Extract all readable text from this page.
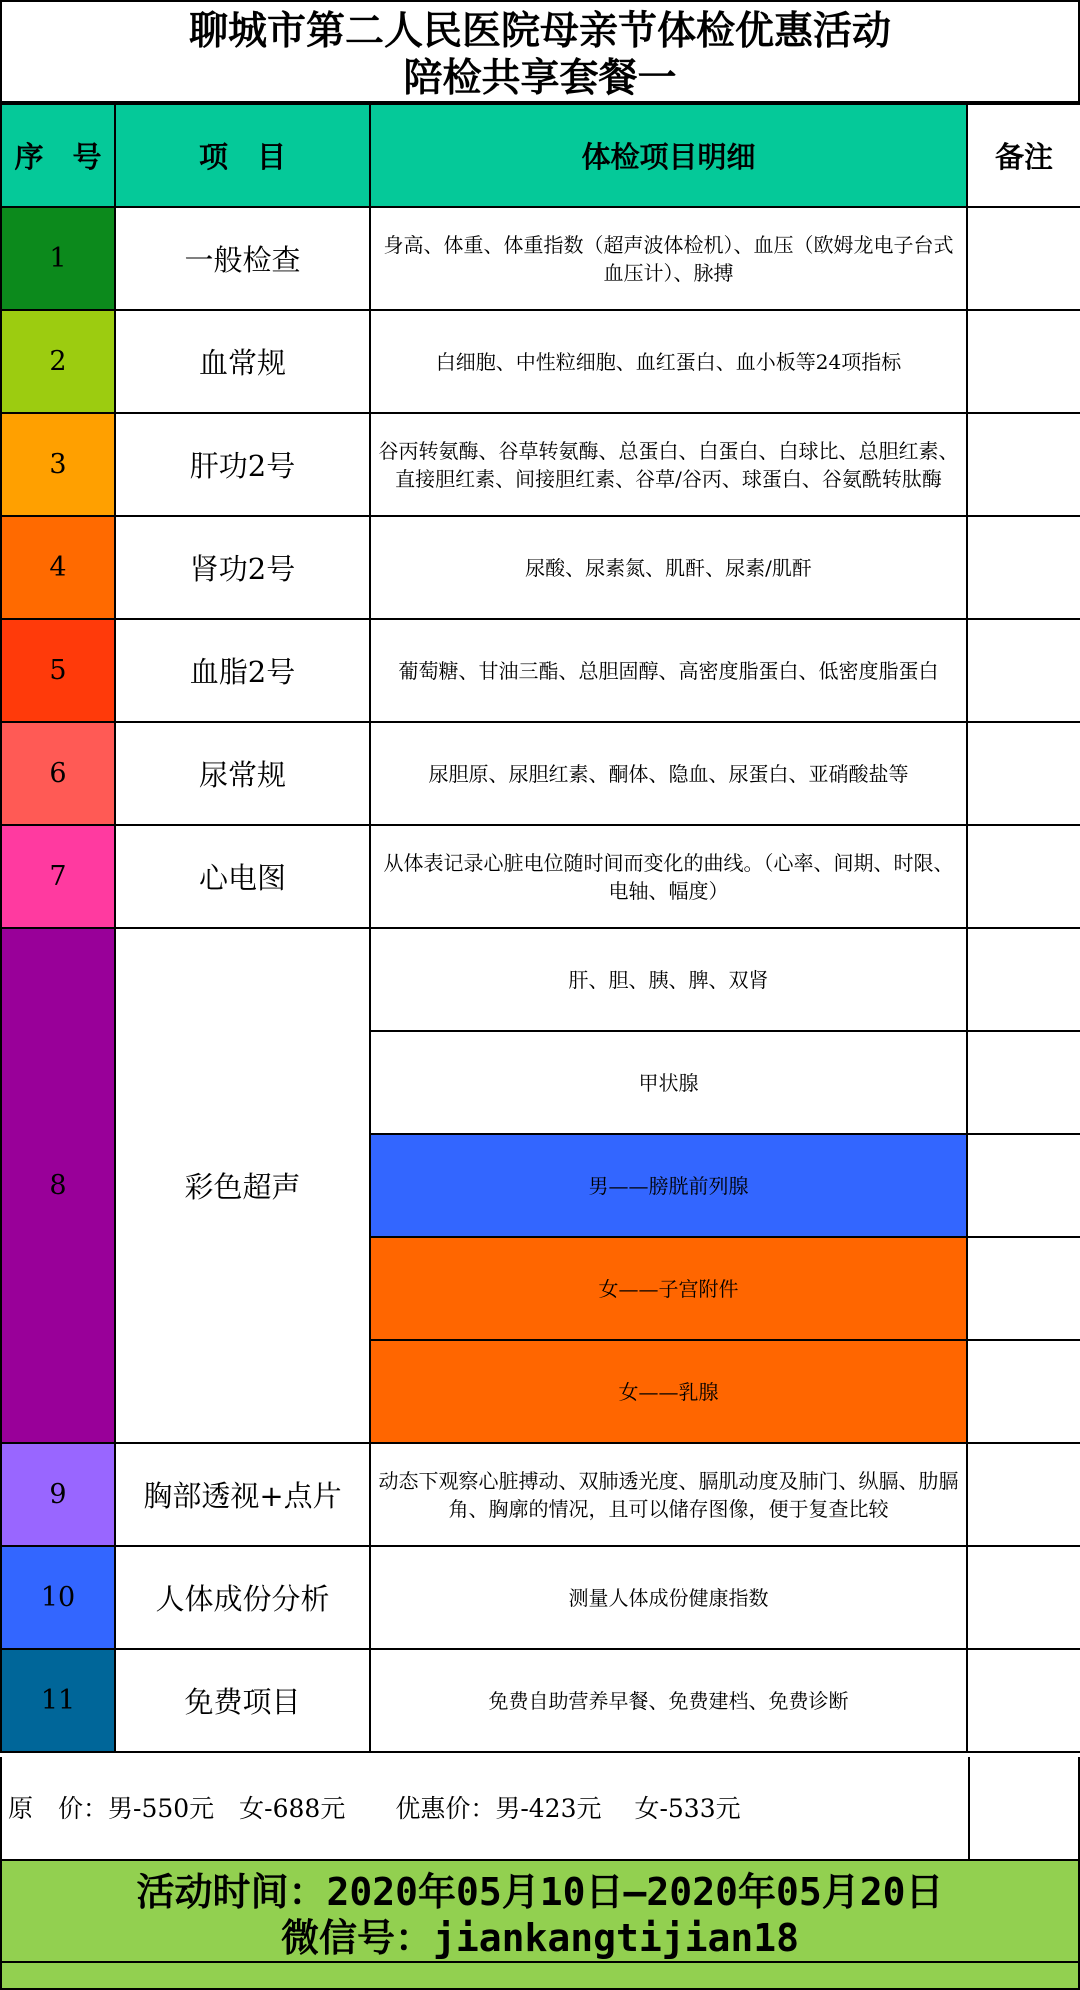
聊城市第二人民医院母亲节体检优惠活动
陪检共享套餐一
序　号	项　目	体检项目明细	备注
1	一般检查	身高、体重、体重指数（超声波体检机）、血压（欧姆龙电子台式血压计）、脉搏	
2	血常规	白细胞、中性粒细胞、血红蛋白、血小板等24项指标	
3	肝功2号	谷丙转氨酶、谷草转氨酶、总蛋白、白蛋白、白球比、总胆红素、直接胆红素、间接胆红素、谷草/谷丙、球蛋白、谷氨酰转肽酶	
4	肾功2号	尿酸、尿素氮、肌酐、尿素/肌酐	
5	血脂2号	葡萄糖、甘油三酯、总胆固醇、高密度脂蛋白、低密度脂蛋白	
6	尿常规	尿胆原、尿胆红素、酮体、隐血、尿蛋白、亚硝酸盐等	
7	心电图	从体表记录心脏电位随时间而变化的曲线。（心率、间期、时限、电轴、幅度）	
8	彩色超声	肝、胆、胰、脾、双肾	
		甲状腺	
		男——膀胱前列腺	
		女——子宫附件	
		女——乳腺	
9	胸部透视+点片	动态下观察心脏搏动、双肺透光度、膈肌动度及肺门、纵膈、肋膈角、胸廓的情况，且可以储存图像，便于复查比较	
10	人体成份分析	测量人体成份健康指数	
11	免费项目	免费自助营养早餐、免费建档、免费诊断	
原　价：男-550元　女-688元　　优惠价：男-423元　 女-533元
活动时间：2020年05月10日—2020年05月20日
微信号：jiankangtijian18
